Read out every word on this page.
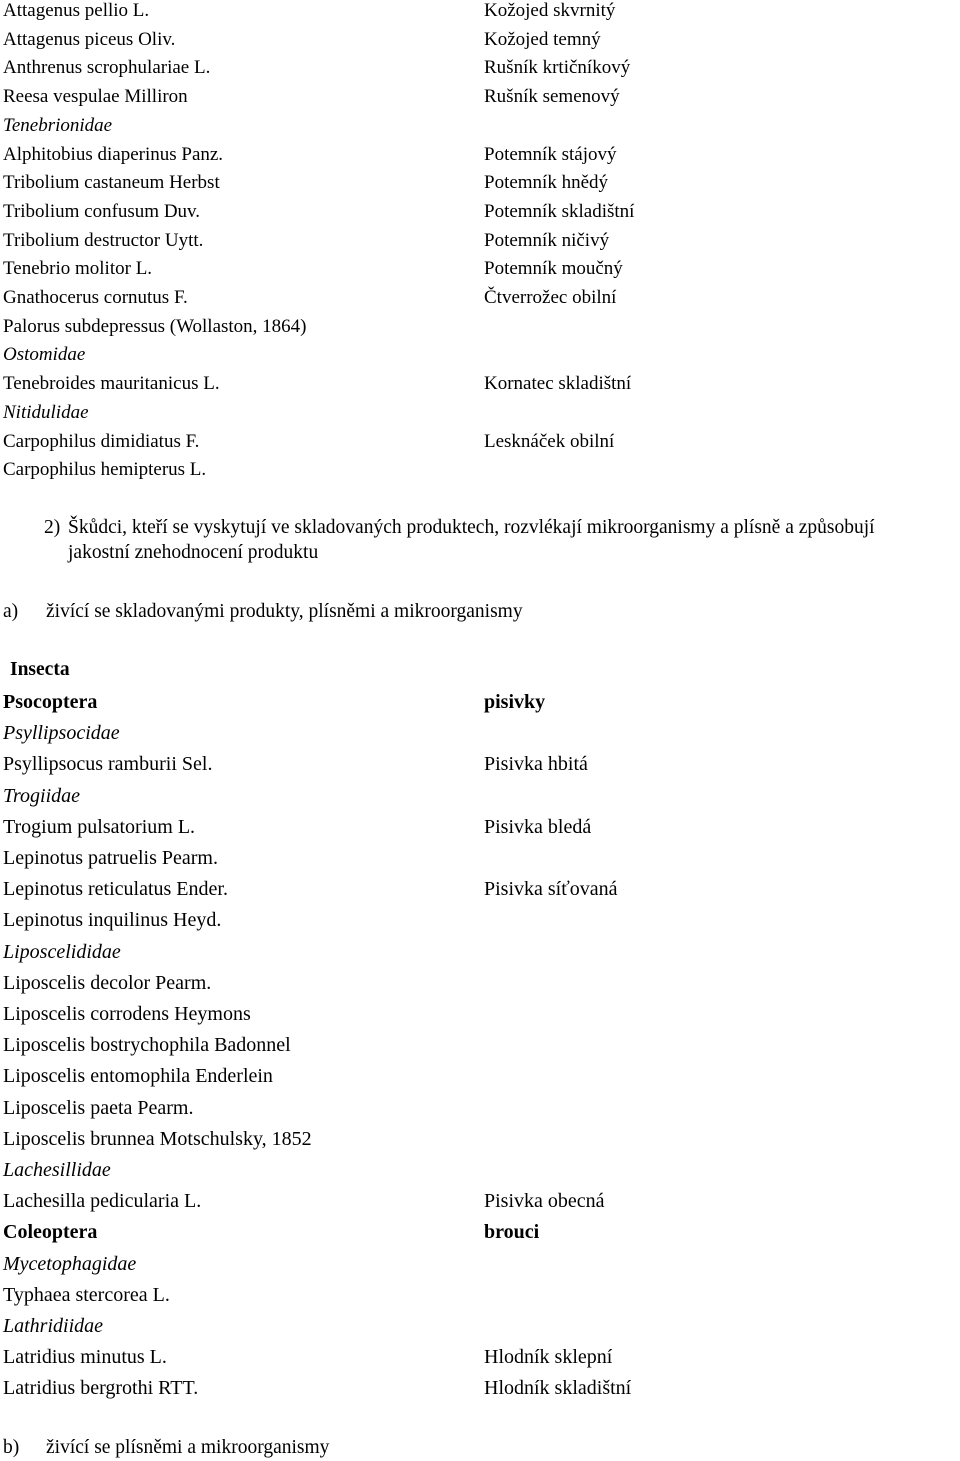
Attagenus pellio L.	Kožojed skvrnitý
Attagenus piceus Oliv.	Kožojed temný
Anthrenus scrophulariae L.	Rušník krtičníkový
Reesa vespulae Milliron	Rušník semenový
Tenebrionidae
Alphitobius diaperinus Panz.	Potemník stájový
Tribolium castaneum Herbst	Potemník hnědý
Tribolium confusum Duv.	Potemník skladištní
Tribolium destructor Uytt.	Potemník ničivý
Tenebrio molitor L.	Potemník moučný
Gnathocerus cornutus F.	Čtverrožec obilní
Palorus subdepressus (Wollaston, 1864)
Ostomidae
Tenebroides mauritanicus L.	Kornatec skladištní
Nitidulidae
Carpophilus dimidiatus F.	Lesknáček obilní
Carpophilus hemipterus L.
2) Škůdci, kteří se vyskytují ve skladovaných produktech, rozvlékají mikroorganismy a plísně a způsobují
jakostní znehodnocení produktu
a) živící se skladovanými produkty, plísněmi a mikroorganismy
Insecta
Psocoptera	pisivky
Psyllipsocidae
Psyllipsocus ramburii Sel.	Pisivka hbitá
Trogiidae
Trogium pulsatorium L.	Pisivka bledá
Lepinotus patruelis Pearm.
Lepinotus reticulatus Ender.	Pisivka síťovaná
Lepinotus inquilinus Heyd.
Liposcelididae
Liposcelis decolor Pearm.
Liposcelis corrodens Heymons
Liposcelis bostrychophila Badonnel
Liposcelis entomophila Enderlein
Liposcelis paeta Pearm.
Liposcelis brunnea Motschulsky, 1852
Lachesillidae
Lachesilla pedicularia L.	Pisivka obecná
Coleoptera	brouci
Mycetophagidae
Typhaea stercorea L.
Lathridiidae
Latridius minutus L.	Hlodník sklepní
Latridius bergrothi RTT.	Hlodník skladištní
b) živící se plísněmi a mikroorganismy
